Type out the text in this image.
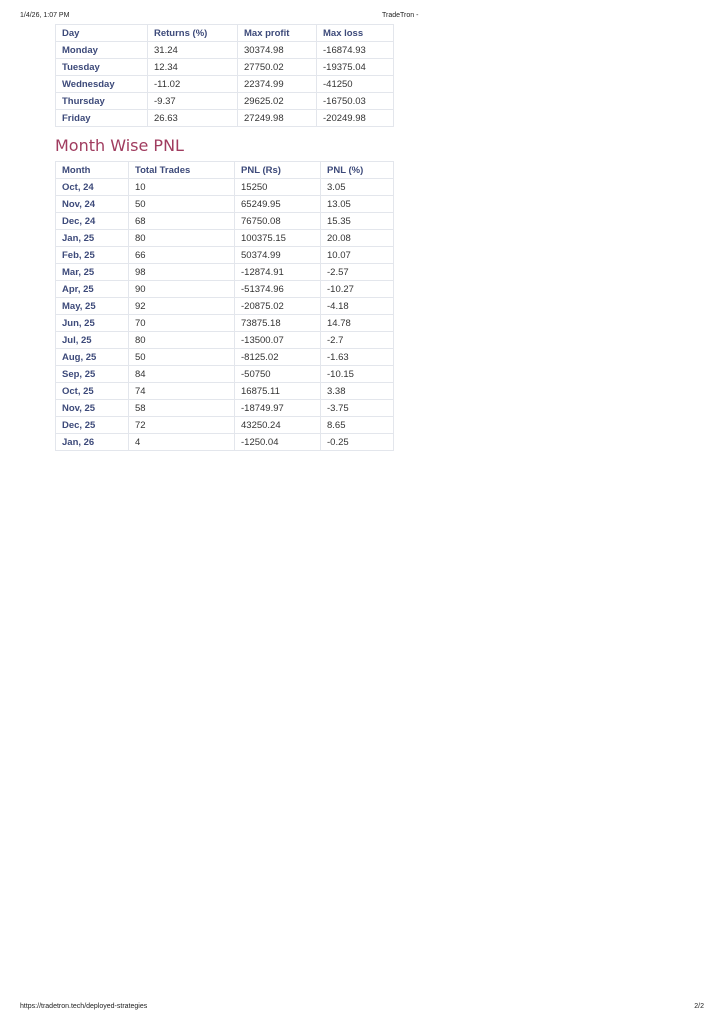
1/4/26, 1:07 PM	TradeTron -
Day	Returns (%)	Max profit	Max loss
Monday	31.24	30374.98	-16874.93
Tuesday	12.34	27750.02	-19375.04
Wednesday	-11.02	22374.99	-41250
Thursday	-9.37	29625.02	-16750.03
Friday	26.63	27249.98	-20249.98
Month Wise PNL
Month	Total Trades	PNL (Rs)	PNL (%)
Oct, 24	10	15250	3.05
Nov, 24	50	65249.95	13.05
Dec, 24	68	76750.08	15.35
Jan, 25	80	100375.15	20.08
Feb, 25	66	50374.99	10.07
Mar, 25	98	-12874.91	-2.57
Apr, 25	90	-51374.96	-10.27
May, 25	92	-20875.02	-4.18
Jun, 25	70	73875.18	14.78
Jul, 25	80	-13500.07	-2.7
Aug, 25	50	-8125.02	-1.63
Sep, 25	84	-50750	-10.15
Oct, 25	74	16875.11	3.38
Nov, 25	58	-18749.97	-3.75
Dec, 25	72	43250.24	8.65
Jan, 26	4	-1250.04	-0.25
https://tradetron.tech/deployed-strategies	2/2
